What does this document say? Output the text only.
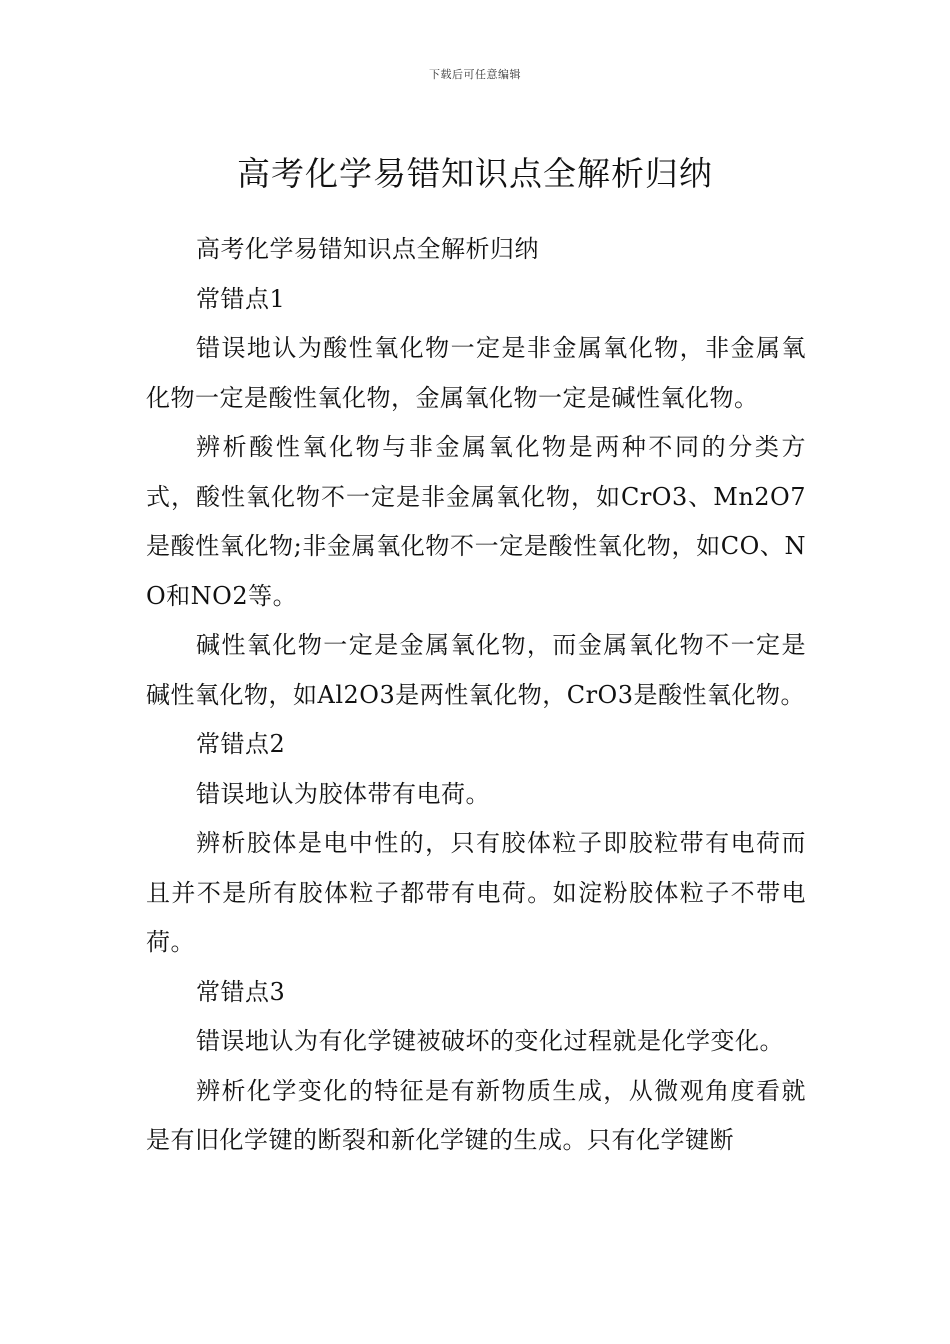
下载后可任意编辑
高考化学易错知识点全解析归纳

高考化学易错知识点全解析归纳

常错点1

错误地认为酸性氧化物一定是非金属氧化物，非金属氧化物一定是酸性氧化物，金属氧化物一定是碱性氧化物。

辨析酸性氧化物与非金属氧化物是两种不同的分类方式，酸性氧化物不一定是非金属氧化物，如CrO3、Mn2O7是酸性氧化物;非金属氧化物不一定是酸性氧化物，如CO、NO和NO2等。

碱性氧化物一定是金属氧化物，而金属氧化物不一定是碱性氧化物，如Al2O3是两性氧化物，CrO3是酸性氧化物。

常错点2

错误地认为胶体带有电荷。

辨析胶体是电中性的，只有胶体粒子即胶粒带有电荷而且并不是所有胶体粒子都带有电荷。如淀粉胶体粒子不带电荷。

常错点3

错误地认为有化学键被破坏的变化过程就是化学变化。

辨析化学变化的特征是有新物质生成，从微观角度看就是有旧化学键的断裂和新化学键的生成。只有化学键断
